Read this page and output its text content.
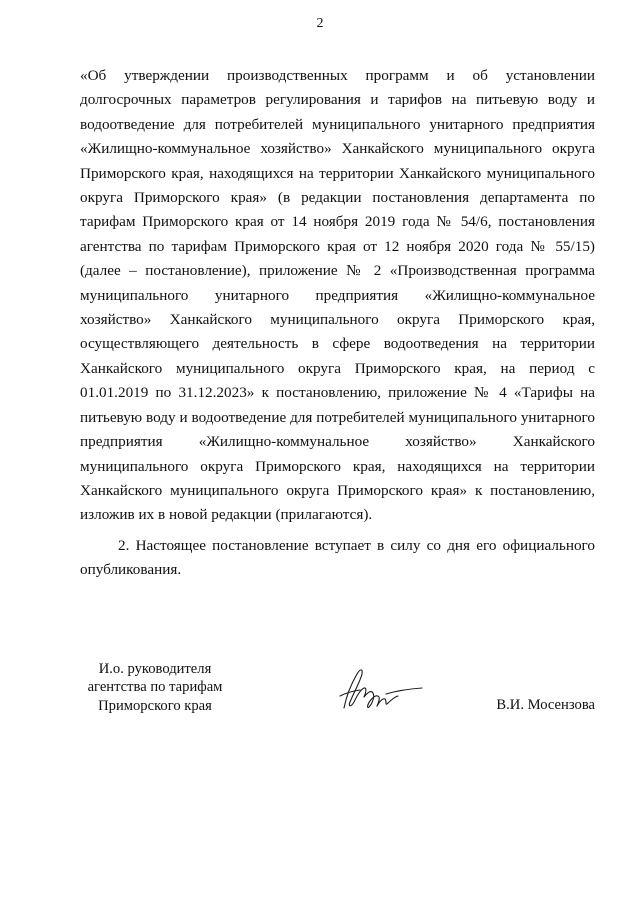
2

«Об утверждении производственных программ и об установлении долгосрочных параметров регулирования и тарифов на питьевую воду и водоотведение для потребителей муниципального унитарного предприятия «Жилищно-коммунальное хозяйство» Ханкайского муниципального округа Приморского края, находящихся на территории Ханкайского муниципального округа Приморского края» (в редакции постановления департамента по тарифам Приморского края от 14 ноября 2019 года № 54/6, постановления агентства по тарифам Приморского края от 12 ноября 2020 года № 55/15) (далее – постановление), приложение № 2 «Производственная программа муниципального унитарного предприятия «Жилищно-коммунальное хозяйство» Ханкайского муниципального округа Приморского края, осуществляющего деятельность в сфере водоотведения на территории Ханкайского муниципального округа Приморского края, на период с 01.01.2019 по 31.12.2023» к постановлению, приложение № 4 «Тарифы на питьевую воду и водоотведение для потребителей муниципального унитарного предприятия «Жилищно-коммунальное хозяйство» Ханкайского муниципального округа Приморского края, находящихся на территории Ханкайского муниципального округа Приморского края» к постановлению, изложив их в новой редакции (прилагаются).

2. Настоящее постановление вступает в силу со дня его официального опубликования.

И.о. руководителя
агентства по тарифам
Приморского края	В.И. Мосензова
